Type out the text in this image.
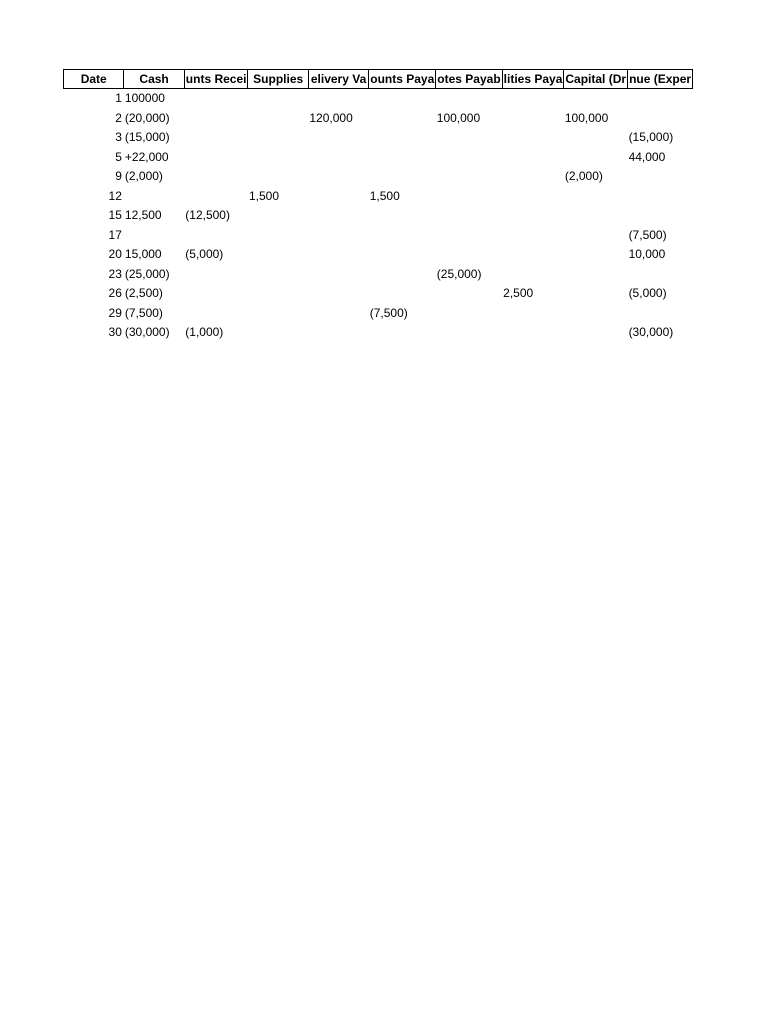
Date	Cash	unts Recei	Supplies	elivery Va	ounts Paya	otes Payab	lities Paya	Capital (Dr	nue (Exper
1	100000								
2	(20,000)			120,000		100,000		100,000	
3	(15,000)								(15,000)
5	+22,000								44,000
9	(2,000)							(2,000)	
12			1,500		1,500				
15	12,500	(12,500)							
17									(7,500)
20	15,000	(5,000)							10,000
23	(25,000)					(25,000)			
26	(2,500)						2,500		(5,000)
29	(7,500)				(7,500)				
30	(30,000)	(1,000)							(30,000)
